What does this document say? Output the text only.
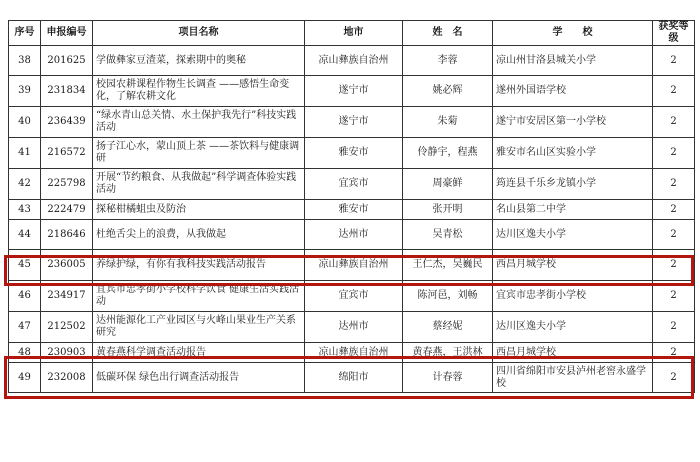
序号	申报编号	项目名称	地市	姓　名	学　　校	获奖等级
38	201625	学做彝家豆渣菜，探索期中的奥秘	凉山彝族自治州	李蓉	凉山州甘洛县城关小学	2
39	231834	校园农耕课程作物生长调查 ——感悟生命变化，了解农耕文化	遂宁市	姚必辉	遂州外国语学校	2
40	236439	“绿水青山总关情、水土保护我先行”科技实践活动	遂宁市	朱菊	遂宁市安居区第一小学校	2
41	216572	扬子江心水，蒙山顶上茶 ——茶饮料与健康调研	雅安市	伶静宇，程燕	雅安市名山区实验小学	2
42	225798	开展“节约粮食、从我做起”科学调查体验实践活动	宜宾市	周豪鲜	筠连县千乐乡龙镇小学	2
43	222479	探秘柑橘蛆虫及防治	雅安市	张开明	名山县第二中学	2
44	218646	杜绝舌尖上的浪费，从我做起	达州市	吴青松	达川区逸夫小学	2
45	236005	养绿护绿，有你有我科技实践活动报告	凉山彝族自治州	王仁杰，吴巍民	西昌月城学校	2
46	234917	宜宾市忠孝街小学校科学饮食 健康生活实践活动	宜宾市	陈河邑，刘畅	宜宾市忠孝街小学校	2
47	212502	达州能源化工产业园区与火峰山果业生产关系研究	达州市	蔡经妮	达川区逸夫小学	2
48	230903	黄春燕科学调查活动报告	凉山彝族自治州	黄春燕，王洪林	西昌月城学校	2
49	232008	低碳环保 绿色出行调查活动报告	绵阳市	计春蓉	四川省绵阳市安县泸州老窖永盛学校	2
